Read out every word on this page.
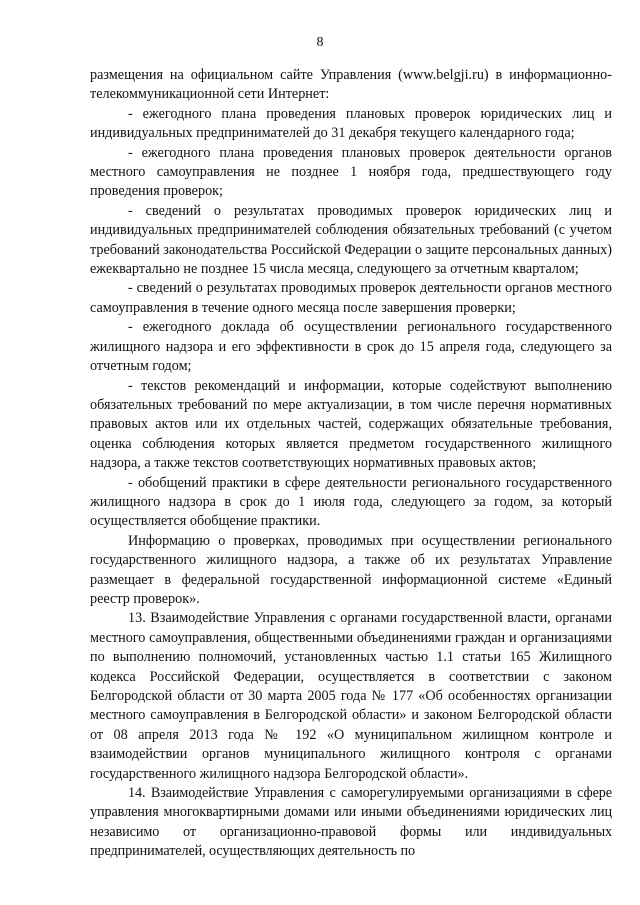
8

размещения на официальном сайте Управления (www.belgji.ru) в информационно-телекоммуникационной сети Интернет:

- ежегодного плана проведения плановых проверок юридических лиц и индивидуальных предпринимателей до 31 декабря текущего календарного года;

- ежегодного плана проведения плановых проверок деятельности органов местного самоуправления не позднее 1 ноября года, предшествующего году проведения проверок;

- сведений о результатах проводимых проверок юридических лиц и индивидуальных предпринимателей соблюдения обязательных требований (с учетом требований законодательства Российской Федерации о защите персональных данных) ежеквартально не позднее 15 числа месяца, следующего за отчетным кварталом;

- сведений о результатах проводимых проверок деятельности органов местного самоуправления в течение одного месяца после завершения проверки;

- ежегодного доклада об осуществлении регионального государственного жилищного надзора и его эффективности в срок до 15 апреля года, следующего за отчетным годом;

- текстов рекомендаций и информации, которые содействуют выполнению обязательных требований по мере актуализации, в том числе перечня нормативных правовых актов или их отдельных частей, содержащих обязательные требования, оценка соблюдения которых является предметом государственного жилищного надзора, а также текстов соответствующих нормативных правовых актов;

- обобщений практики в сфере деятельности регионального государственного жилищного надзора в срок до 1 июля года, следующего за годом, за который осуществляется обобщение практики.

Информацию о проверках, проводимых при осуществлении регионального государственного жилищного надзора, а также об их результатах Управление размещает в федеральной государственной информационной системе «Единый реестр проверок».

13. Взаимодействие Управления с органами государственной власти, органами местного самоуправления, общественными объединениями граждан и организациями по выполнению полномочий, установленных частью 1.1 статьи 165 Жилищного кодекса Российской Федерации, осуществляется в соответствии с законом Белгородской области от 30 марта 2005 года № 177 «Об особенностях организации местного самоуправления в Белгородской области» и законом Белгородской области от 08 апреля 2013 года № 192 «О муниципальном жилищном контроле и взаимодействии органов муниципального жилищного контроля с органами государственного жилищного надзора Белгородской области».

14. Взаимодействие Управления с саморегулируемыми организациями в сфере управления многоквартирными домами или иными объединениями юридических лиц независимо от организационно-правовой формы или индивидуальных предпринимателей, осуществляющих деятельность по
